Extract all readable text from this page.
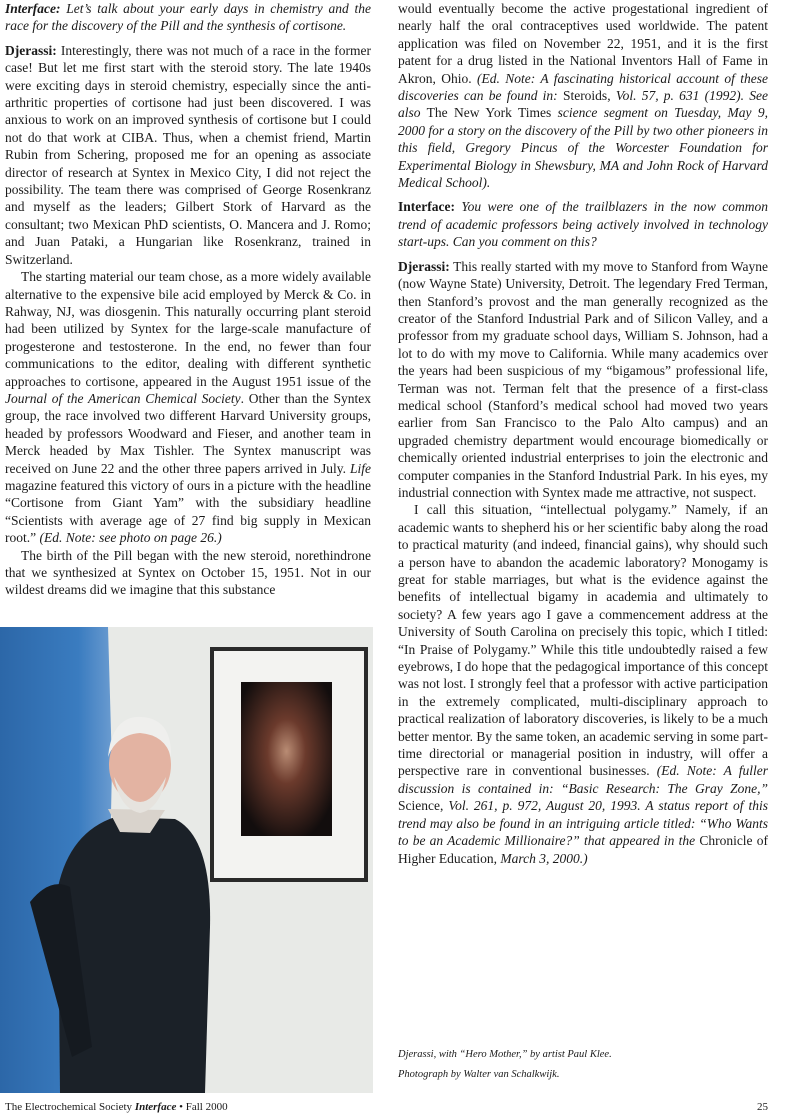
Interface: Let’s talk about your early days in chemistry and the race for the discovery of the Pill and the synthesis of cortisone.

Djerassi: Interestingly, there was not much of a race in the former case! But let me first start with the steroid story. The late 1940s were exciting days in steroid chemistry, especially since the anti-arthritic properties of cortisone had just been discovered. I was anxious to work on an improved synthesis of cortisone but I could not do that work at CIBA. Thus, when a chemist friend, Martin Rubin from Schering, proposed me for an opening as associate director of research at Syntex in Mexico City, I did not reject the possibility. The team there was comprised of George Rosenkranz and myself as the leaders; Gilbert Stork of Harvard as the consultant; two Mexican PhD scientists, O. Mancera and J. Romo; and Juan Pataki, a Hungarian like Rosenkranz, trained in Switzerland.

The starting material our team chose, as a more widely available alternative to the expensive bile acid employed by Merck & Co. in Rahway, NJ, was diosgenin. This naturally occurring plant steroid had been utilized by Syntex for the large-scale manufacture of progesterone and testosterone. In the end, no fewer than four communications to the editor, dealing with different synthetic approaches to cortisone, appeared in the August 1951 issue of the Journal of the American Chemical Society. Other than the Syntex group, the race involved two different Harvard University groups, headed by professors Woodward and Fieser, and another team in Merck headed by Max Tishler. The Syntex manuscript was received on June 22 and the other three papers arrived in July. Life magazine featured this victory of ours in a picture with the headline “Cortisone from Giant Yam” with the subsidiary headline “Scientists with average age of 27 find big supply in Mexican root.” (Ed. Note: see photo on page 26.)

The birth of the Pill began with the new steroid, norethindrone that we synthesized at Syntex on October 15, 1951. Not in our wildest dreams did we imagine that this substance

would eventually become the active progestational ingredient of nearly half the oral contraceptives used worldwide. The patent application was filed on November 22, 1951, and it is the first patent for a drug listed in the National Inventors Hall of Fame in Akron, Ohio. (Ed. Note: A fascinating historical account of these discoveries can be found in: Steroids, Vol. 57, p. 631 (1992). See also The New York Times science segment on Tuesday, May 9, 2000 for a story on the discovery of the Pill by two other pioneers in this field, Gregory Pincus of the Worcester Foundation for Experimental Biology in Shewsbury, MA and John Rock of Harvard Medical School).

Interface: You were one of the trailblazers in the now common trend of academic professors being actively involved in technology start-ups. Can you comment on this?

Djerassi: This really started with my move to Stanford from Wayne (now Wayne State) University, Detroit. The legendary Fred Terman, then Stanford’s provost and the man generally recognized as the creator of the Stanford Industrial Park and of Silicon Valley, and a professor from my graduate school days, William S. Johnson, had a lot to do with my move to California. While many academics over the years had been suspicious of my “bigamous” professional life, Terman was not. Terman felt that the presence of a first-class medical school (Stanford’s medical school had moved two years earlier from San Francisco to the Palo Alto campus) and an upgraded chemistry department would encourage biomedically or chemically oriented industrial enterprises to join the electronic and computer companies in the Stanford Industrial Park. In his eyes, my industrial connection with Syntex made me attractive, not suspect.

I call this situation, “intellectual polygamy.” Namely, if an academic wants to shepherd his or her scientific baby along the road to practical maturity (and indeed, financial gains), why should such a person have to abandon the academic laboratory? Monogamy is great for stable marriages, but what is the evidence against the benefits of intellectual bigamy in academia and ultimately to society? A few years ago I gave a commencement address at the University of South Carolina on precisely this topic, which I titled: “In Praise of Polygamy.” While this title undoubtedly raised a few eyebrows, I do hope that the pedagogical importance of this concept was not lost. I strongly feel that a professor with active participation in the extremely complicated, multi-disciplinary approach to practical realization of laboratory discoveries, is likely to be a much better mentor. By the same token, an academic serving in some part-time directorial or managerial position in industry, will offer a perspective rare in conventional businesses. (Ed. Note: A fuller discussion is contained in: “Basic Research: The Gray Zone,” Science, Vol. 261, p. 972, August 20, 1993. A status report of this trend may also be found in an intriguing article titled: “Who Wants to be an Academic Millionaire?” that appeared in the Chronicle of Higher Education, March 3, 2000.)

Djerassi, with “Hero Mother,” by artist Paul Klee.
Photograph by Walter van Schalkwijk.
The Electrochemical Society Interface • Fall 2000	25
